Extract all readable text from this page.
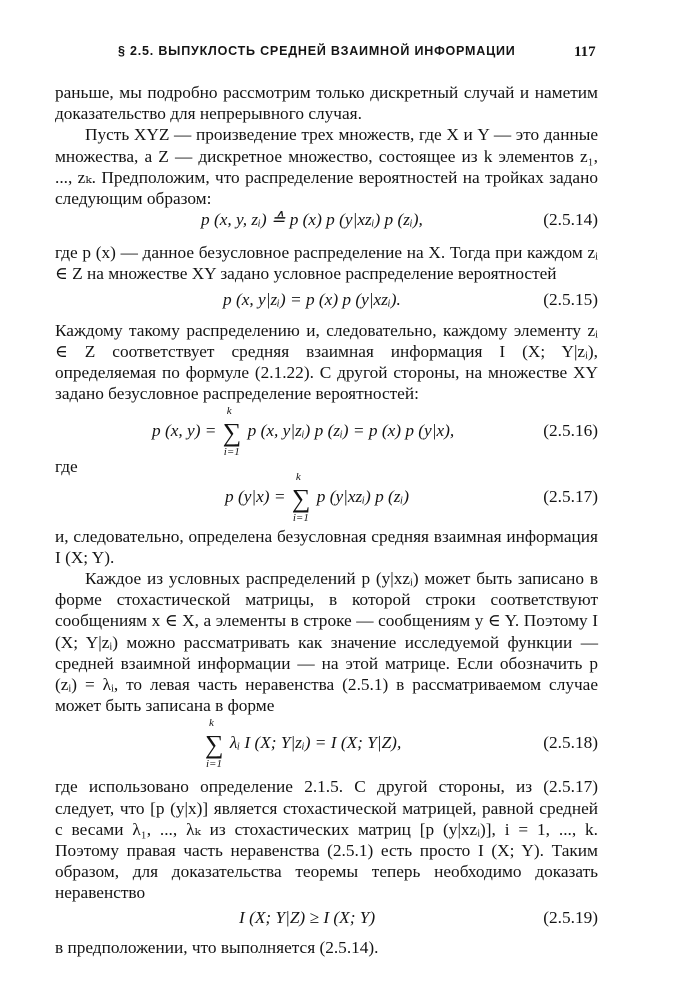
§ 2.5. ВЫПУКЛОСТЬ СРЕДНЕЙ ВЗАИМНОЙ ИНФОРМАЦИИ	117

раньше, мы подробно рассмотрим только дискретный случай и наметим доказательство для непрерывного случая.

Пусть XYZ — произведение трех множеств, где X и Y — это данные множества, а Z — дискретное множество, состоящее из k элементов z₁, ..., zₖ. Предположим, что распределение вероятностей на тройках задано следующим образом:

p (x, y, zᵢ) ≙ p (x) p (y|xzᵢ) p (zᵢ),	(2.5.14)

где p (x) — данное безусловное распределение на X. Тогда при каждом zᵢ ∈ Z на множестве XY задано условное распределение вероятностей

p (x, y|zᵢ) = p (x) p (y|xzᵢ).	(2.5.15)

Каждому такому распределению и, следовательно, каждому элементу zᵢ ∈ Z соответствует средняя взаимная информация I (X; Y|zᵢ), определяемая по формуле (2.1.22). С другой стороны, на множестве XY задано безусловное распределение вероятностей:

p (x, y) = ∑
k
i=1
p (x, y|zᵢ) p (zᵢ) = p (x) p (y|x),	(2.5.16)

где

p (y|x) = ∑
k
i=1
p (y|xzᵢ) p (zᵢ)	(2.5.17)

и, следовательно, определена безусловная средняя взаимная информация I (X; Y).

Каждое из условных распределений p (y|xzᵢ) может быть записано в форме стохастической матрицы, в которой строки соответствуют сообщениям x ∈ X, а элементы в строке — сообщениям y ∈ Y. Поэтому I (X; Y|zᵢ) можно рассматривать как значение исследуемой функции — средней взаимной информации — на этой матрице. Если обозначить p (zᵢ) = λᵢ, то левая часть неравенства (2.5.1) в рассматриваемом случае может быть записана в форме

∑
k
i=1
λᵢ I (X; Y|zᵢ) = I (X; Y|Z),	(2.5.18)

где использовано определение 2.1.5. С другой стороны, из (2.5.17) следует, что [p (y|x)] является стохастической матрицей, равной средней с весами λ₁, ..., λₖ из стохастических матриц [p (y|xzᵢ)], i = 1, ..., k. Поэтому правая часть неравенства (2.5.1) есть просто I (X; Y). Таким образом, для доказательства теоремы теперь необходимо доказать неравенство

I (X; Y|Z) ≥ I (X; Y)	(2.5.19)

в предположении, что выполняется (2.5.14).
